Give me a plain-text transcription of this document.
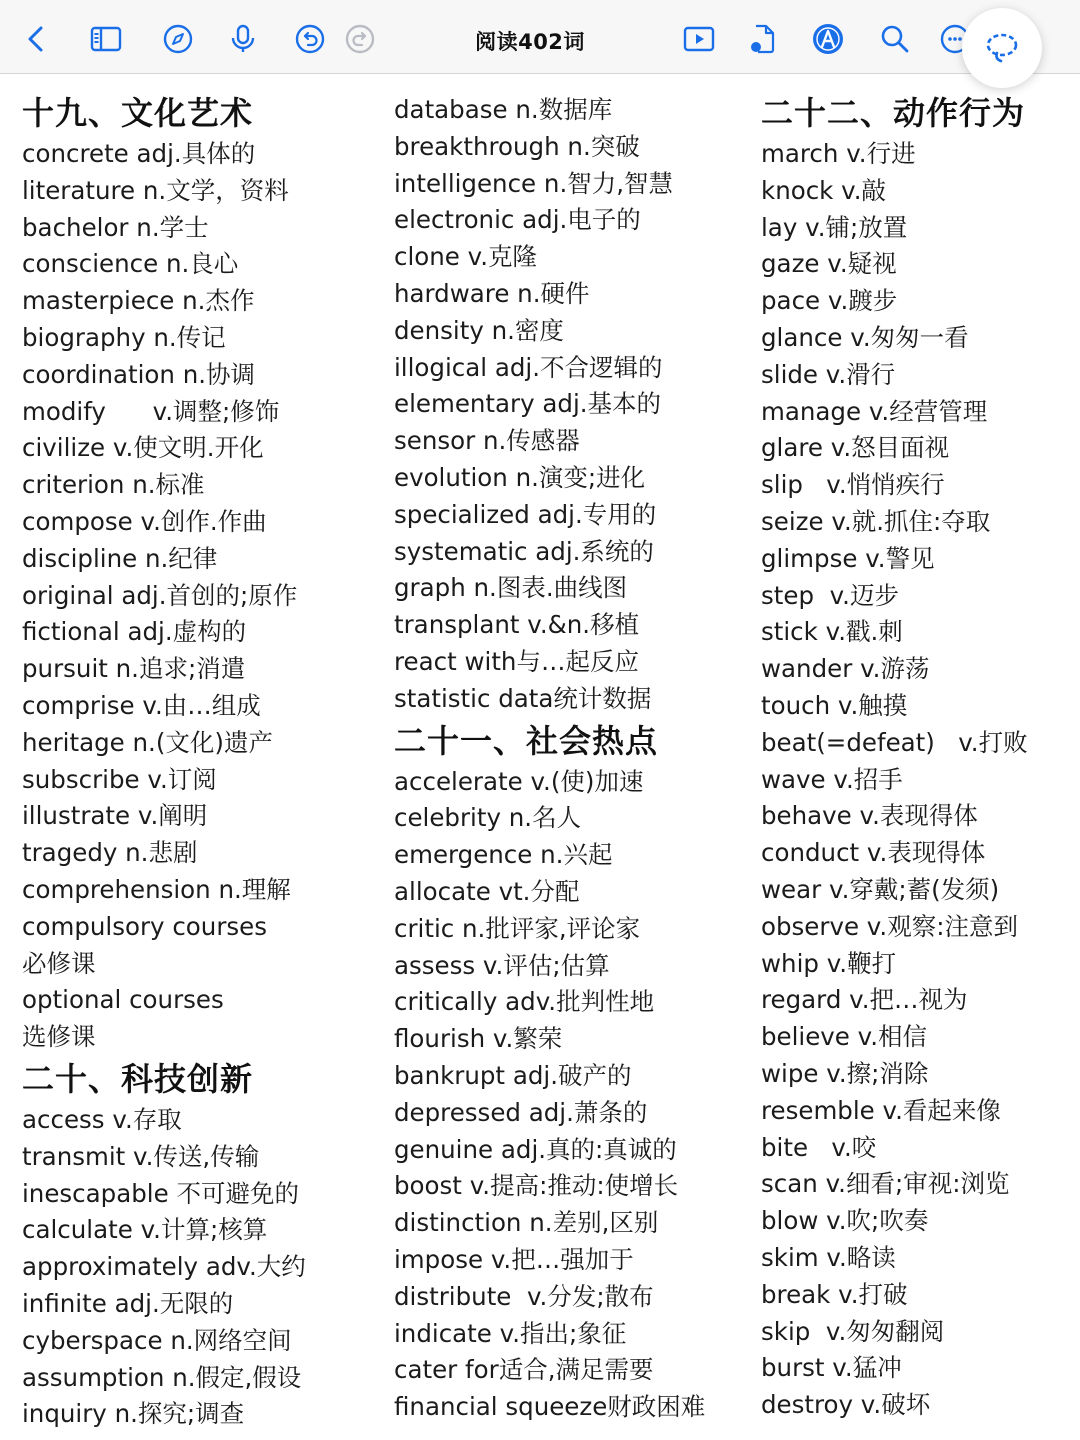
阅读402词
十九、文化艺术
concrete adj.具体的
literature n.文学，资料
bachelor n.学士
conscience n.良心
masterpiece n.杰作
biography n.传记
coordination n.协调
modify      v.调整;修饰
civilize v.使文明.开化
criterion n.标准
compose v.创作.作曲
discipline n.纪律
original adj.首创的;原作
fictional adj.虚构的
pursuit n.追求;消遣
comprise v.由…组成
heritage n.(文化)遗产
subscribe v.订阅
illustrate v.阐明
tragedy n.悲剧
comprehension n.理解
compulsory courses
必修课
optional courses
选修课
二十、科技创新
access v.存取
transmit v.传送,传输
inescapable 不可避免的
calculate v.计算;核算
approximately adv.大约
infinite adj.无限的
cyberspace n.网络空间
assumption n.假定,假设
inquiry n.探究;调查
database n.数据库
breakthrough n.突破
intelligence n.智力,智慧
electronic adj.电子的
clone v.克隆
hardware n.硬件
density n.密度
illogical adj.不合逻辑的
elementary adj.基本的
sensor n.传感器
evolution n.演变;进化
specialized adj.专用的
systematic adj.系统的
graph n.图表.曲线图
transplant v.&n.移植
react with与…起反应
statistic data统计数据
二十一、社会热点
accelerate v.(使)加速
celebrity n.名人
emergence n.兴起
allocate vt.分配
critic n.批评家,评论家
assess v.评估;估算
critically adv.批判性地
flourish v.繁荣
bankrupt adj.破产的
depressed adj.萧条的
genuine adj.真的:真诚的
boost v.提高:推动:使增长
distinction n.差别,区别
impose v.把…强加于
distribute  v.分发;散布
indicate v.指出;象征
cater for适合,满足需要
financial squeeze财政困难
二十二、动作行为
march v.行进
knock v.敲
lay v.铺;放置
gaze v.疑视
pace v.踱步
glance v.匆匆一看
slide v.滑行
manage v.经营管理
glare v.怒目面视
slip   v.悄悄疾行
seize v.就.抓住:夺取
glimpse v.警见
step  v.迈步
stick v.戳.刺
wander v.游荡
touch v.触摸
beat(=defeat)   v.打败
wave v.招手
behave v.表现得体
conduct v.表现得体
wear v.穿戴;蓄(发须)
observe v.观察:注意到
whip v.鞭打
regard v.把…视为
believe v.相信
wipe v.擦;消除
resemble v.看起来像
bite   v.咬
scan v.细看;审视:浏览
blow v.吹;吹奏
skim v.略读
break v.打破
skip  v.匆匆翻阅
burst v.猛冲
destroy v.破坏
